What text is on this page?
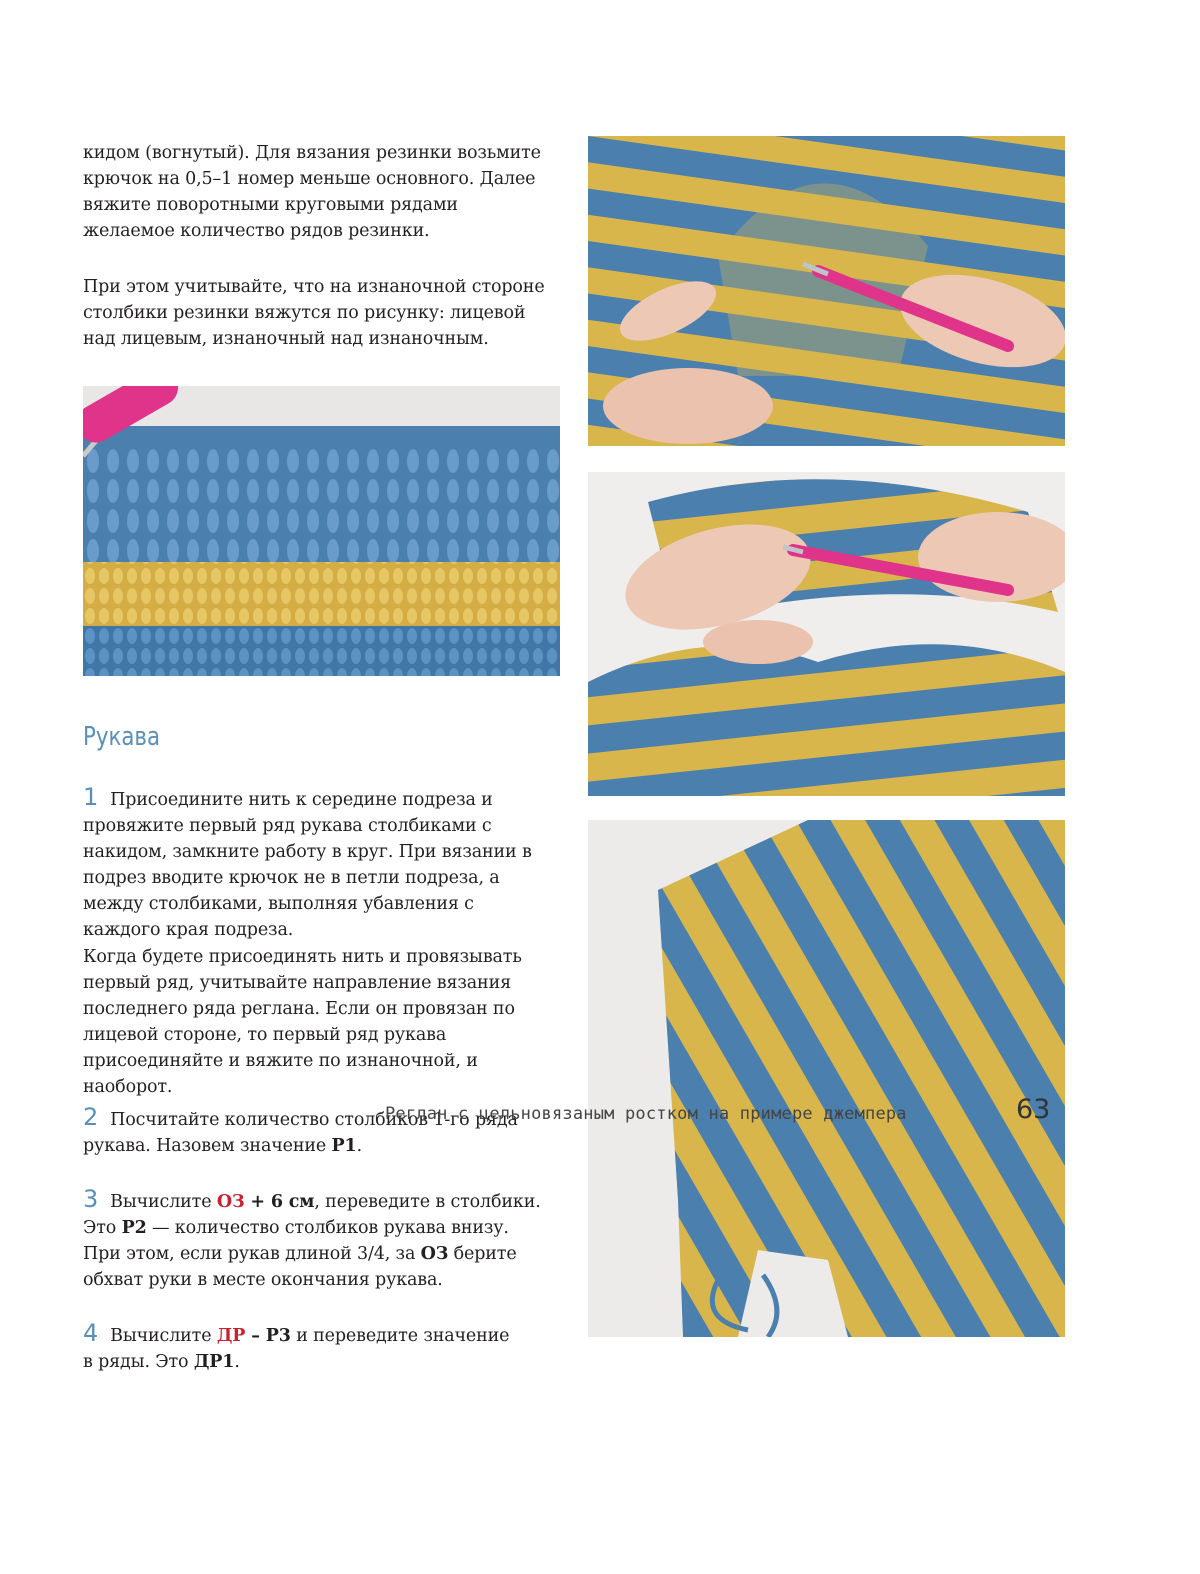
кидом (вогнутый). Для вязания резинки возьмите крючок на 0,5–1 номер меньше основного. Далее вяжите поворотными круговыми рядами желаемое количество рядов резинки.

При этом учитывайте, что на изнаночной стороне столбики резинки вяжутся по рисунку: лицевой над лицевым, изнаночный над изнаночным.

Рукава

1 Присоедините нить к середине подреза и провяжите первый ряд рукава столбиками с накидом, замкните работу в круг. При вязании в подрез вводите крючок не в петли подреза, а между столбиками, выполняя убавления с каждого края подреза.

Когда будете присоединять нить и провязывать первый ряд, учитывайте направление вязания последнего ряда реглана. Если он провязан по лицевой стороне, то первый ряд рукава присоединяйте и вяжите по изнаночной, и наоборот.

2 Посчитайте количество столбиков 1-го ряда рукава. Назовем значение Р1.

3 Вычислите ОЗ + 6 см, переведите в столбики. Это Р2 — количество столбиков рукава внизу. При этом, если рукав длиной 3/4, за ОЗ берите обхват руки в месте окончания рукава.

4 Вычислите ДР – Р3 и переведите значение в ряды. Это ДР1.

Реглан с цельновязаным ростком на примере джемпера	63
